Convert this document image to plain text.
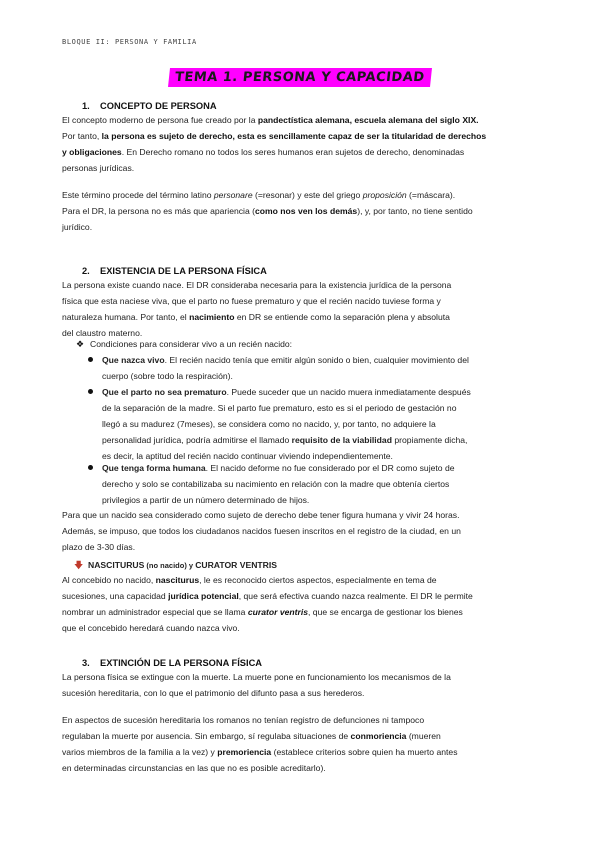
BLOQUE II: PERSONA Y FAMILIA
TEMA 1. PERSONA Y CAPACIDAD
1. CONCEPTO DE PERSONA
El concepto moderno de persona fue creado por la pandectística alemana, escuela alemana del siglo XIX.
Por tanto, la persona es sujeto de derecho, esta es sencillamente capaz de ser la titularidad de derechos
y obligaciones. En Derecho romano no todos los seres humanos eran sujetos de derecho, denominadas
personas jurídicas.
Este término procede del término latino personare (=resonar) y este del griego proposición (=máscara).
Para el DR, la persona no es más que apariencia (como nos ven los demás), y, por tanto, no tiene sentido
jurídico.
2. EXISTENCIA DE LA PERSONA FÍSICA
La persona existe cuando nace. El DR consideraba necesaria para la existencia jurídica de la persona
física que esta naciese viva, que el parto no fuese prematuro y que el recién nacido tuviese forma y
naturaleza humana. Por tanto, el nacimiento en DR se entiende como la separación plena y absoluta
del claustro materno.
❖ Condiciones para considerar vivo a un recién nacido:
Que nazca vivo. El recién nacido tenía que emitir algún sonido o bien, cualquier movimiento del
cuerpo (sobre todo la respiración).
Que el parto no sea prematuro. Puede suceder que un nacido muera inmediatamente después
de la separación de la madre. Si el parto fue prematuro, esto es si el periodo de gestación no
llegó a su madurez (7meses), se considera como no nacido, y, por tanto, no adquiere la
personalidad jurídica, podría admitirse el llamado requisito de la viabilidad propiamente dicha,
es decir, la aptitud del recién nacido continuar viviendo independientemente.
Que tenga forma humana. El nacido deforme no fue considerado por el DR como sujeto de
derecho y solo se contabilizaba su nacimiento en relación con la madre que obtenía ciertos
privilegios a partir de un número determinado de hijos.
Para que un nacido sea considerado como sujeto de derecho debe tener figura humana y vivir 24 horas.
Además, se impuso, que todos los ciudadanos nacidos fuesen inscritos en el registro de la ciudad, en un
plazo de 3-30 días.
🡇 NASCITURUS (no nacido) y CURATOR VENTRIS
Al concebido no nacido, nasciturus, le es reconocido ciertos aspectos, especialmente en tema de
sucesiones, una capacidad jurídica potencial, que será efectiva cuando nazca realmente. El DR le permite
nombrar un administrador especial que se llama curator ventris, que se encarga de gestionar los bienes
que el concebido heredará cuando nazca vivo.
3. EXTINCIÓN DE LA PERSONA FÍSICA
La persona física se extingue con la muerte. La muerte pone en funcionamiento los mecanismos de la
sucesión hereditaria, con lo que el patrimonio del difunto pasa a sus herederos.
En aspectos de sucesión hereditaria los romanos no tenían registro de defunciones ni tampoco
regulaban la muerte por ausencia. Sin embargo, sí regulaba situaciones de conmoriencia (mueren
varios miembros de la familia a la vez) y premoriencia (establece criterios sobre quien ha muerto antes
en determinadas circunstancias en las que no es posible acreditarlo).
